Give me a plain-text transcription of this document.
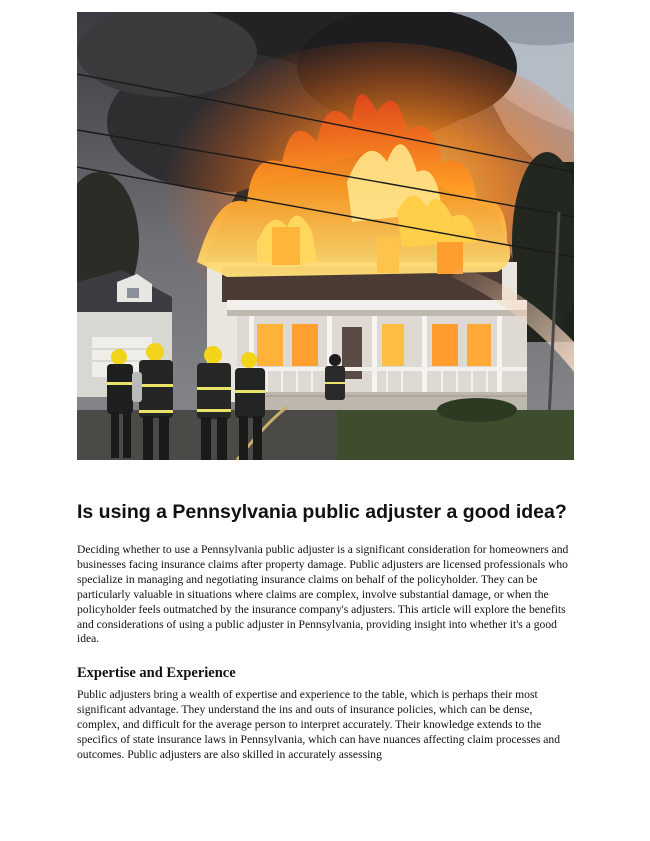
Is using a Pennsylvania public adjuster a good idea?

Deciding whether to use a Pennsylvania public adjuster is a significant consideration for homeowners and businesses facing insurance claims after property damage. Public adjusters are licensed professionals who specialize in managing and negotiating insurance claims on behalf of the policyholder. They can be particularly valuable in situations where claims are complex, involve substantial damage, or when the policyholder feels outmatched by the insurance company's adjusters. This article will explore the benefits and considerations of using a public adjuster in Pennsylvania, providing insight into whether it's a good idea.

Expertise and Experience

Public adjusters bring a wealth of expertise and experience to the table, which is perhaps their most significant advantage. They understand the ins and outs of insurance policies, which can be dense, complex, and difficult for the average person to interpret accurately. Their knowledge extends to the specifics of state insurance laws in Pennsylvania, which can have nuances affecting claim processes and outcomes. Public adjusters are also skilled in accurately assessing
